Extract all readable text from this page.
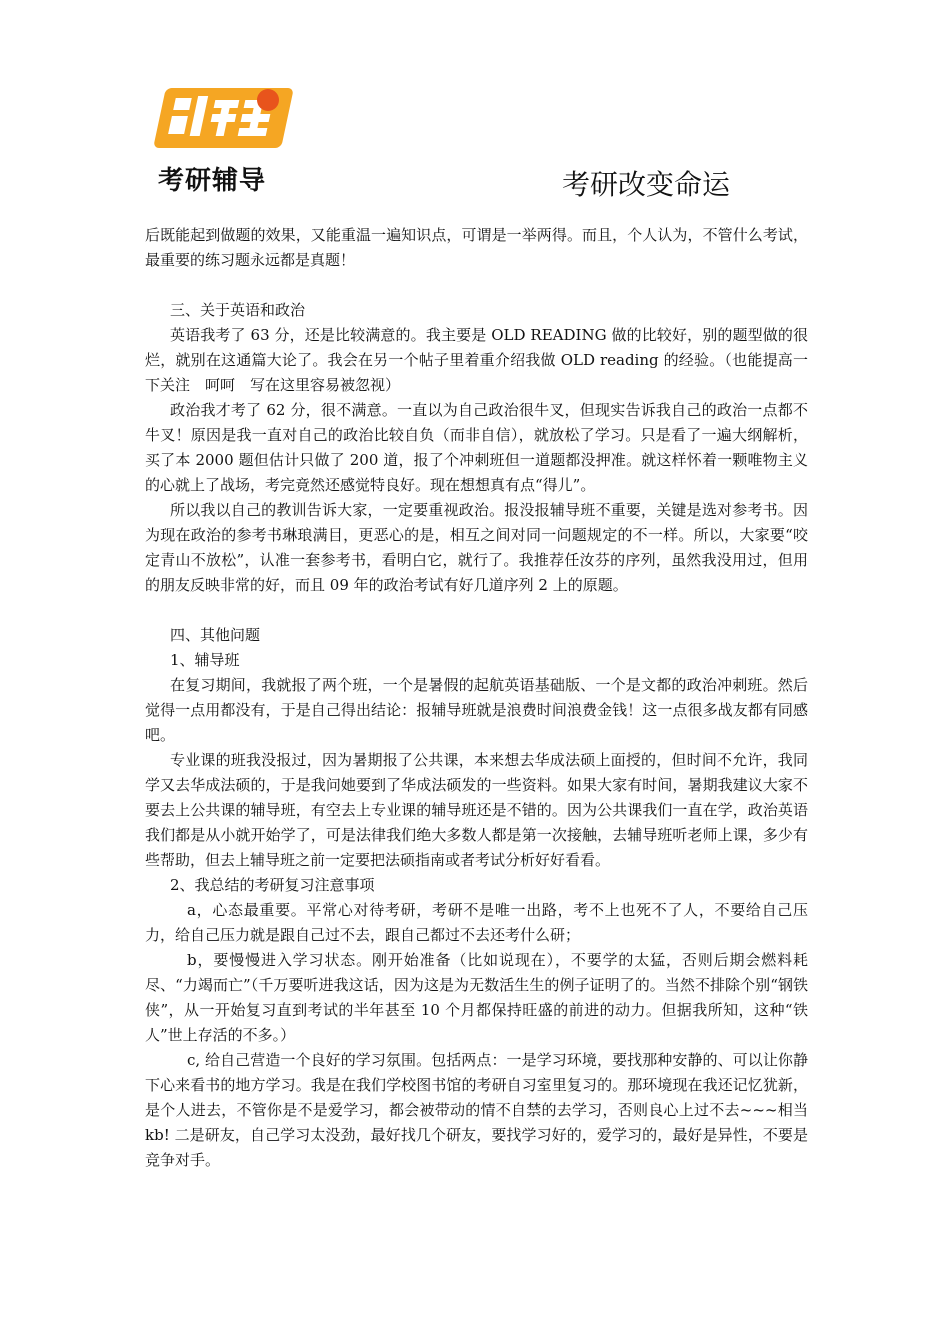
考研辅导	考研改变命运

后既能起到做题的效果，又能重温一遍知识点，可谓是一举两得。而且，个人认为，不管什么考试，最重要的练习题永远都是真题！

三、关于英语和政治

英语我考了 63 分，还是比较满意的。我主要是 OLD READING 做的比较好，别的题型做的很烂，就别在这通篇大论了。我会在另一个帖子里着重介绍我做 OLD reading 的经验。（也能提高一下关注　呵呵　写在这里容易被忽视）

政治我才考了 62 分，很不满意。一直以为自己政治很牛叉，但现实告诉我自己的政治一点都不牛叉！原因是我一直对自己的政治比较自负（而非自信），就放松了学习。只是看了一遍大纲解析，买了本 2000 题但估计只做了 200 道，报了个冲刺班但一道题都没押准。就这样怀着一颗唯物主义的心就上了战场，考完竟然还感觉特良好。现在想想真有点“得儿”。

所以我以自己的教训告诉大家，一定要重视政治。报没报辅导班不重要，关键是选对参考书。因为现在政治的参考书琳琅满目，更恶心的是，相互之间对同一问题规定的不一样。所以，大家要“咬定青山不放松”，认准一套参考书，看明白它，就行了。我推荐任汝芬的序列，虽然我没用过，但用的朋友反映非常的好，而且 09 年的政治考试有好几道序列 2 上的原题。

四、其他问题

1、辅导班

在复习期间，我就报了两个班，一个是暑假的起航英语基础版、一个是文都的政治冲刺班。然后觉得一点用都没有，于是自己得出结论：报辅导班就是浪费时间浪费金钱！这一点很多战友都有同感吧。

专业课的班我没报过，因为暑期报了公共课，本来想去华成法硕上面授的，但时间不允许，我同学又去华成法硕的，于是我问她要到了华成法硕发的一些资料。如果大家有时间，暑期我建议大家不要去上公共课的辅导班，有空去上专业课的辅导班还是不错的。因为公共课我们一直在学，政治英语我们都是从小就开始学了，可是法律我们绝大多数人都是第一次接触，去辅导班听老师上课，多少有些帮助，但去上辅导班之前一定要把法硕指南或者考试分析好好看看。

2、我总结的考研复习注意事项

a，心态最重要。平常心对待考研，考研不是唯一出路，考不上也死不了人，不要给自己压力，给自己压力就是跟自己过不去，跟自己都过不去还考什么研；

b，要慢慢进入学习状态。刚开始准备（比如说现在），不要学的太猛，否则后期会燃料耗尽、“力竭而亡”（千万要听进我这话，因为这是为无数活生生的例子证明了的。当然不排除个别“钢铁侠”，从一开始复习直到考试的半年甚至 10 个月都保持旺盛的前进的动力。但据我所知，这种“铁人”世上存活的不多。）

c, 给自己营造一个良好的学习氛围。包括两点：一是学习环境，要找那种安静的、可以让你静下心来看书的地方学习。我是在我们学校图书馆的考研自习室里复习的。那环境现在我还记忆犹新，是个人进去，不管你是不是爱学习，都会被带动的情不自禁的去学习，否则良心上过不去~~~相当 kb! 二是研友，自己学习太没劲，最好找几个研友，要找学习好的，爱学习的，最好是异性，不要是竞争对手。
